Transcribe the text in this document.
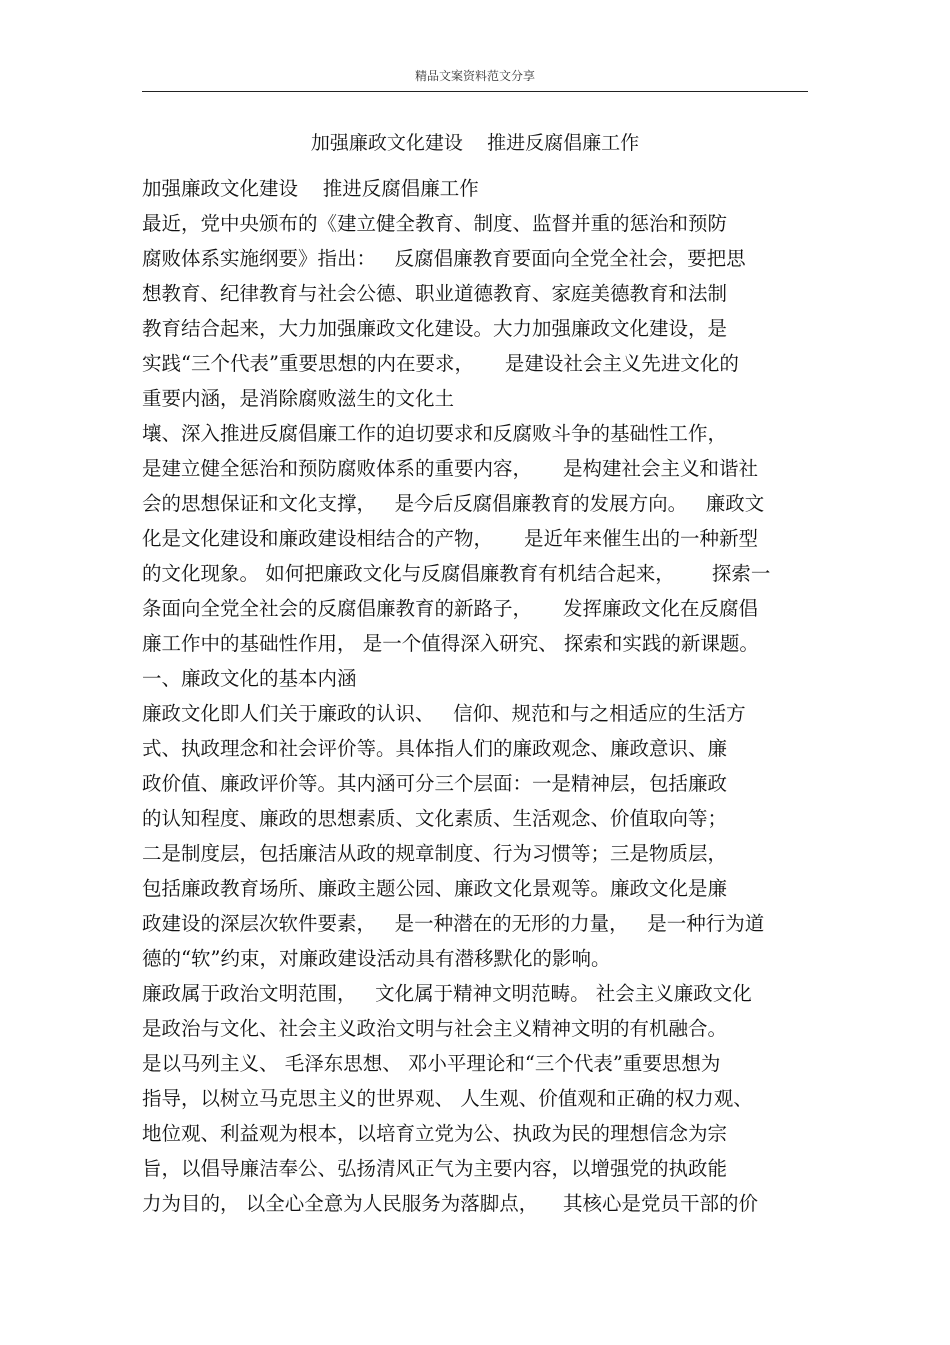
精品文案资料范文分享
加强廉政文化建设    推进反腐倡廉工作
加强廉政文化建设    推进反腐倡廉工作
最近，党中央颁布的《建立健全教育、制度、监督并重的惩治和预防
腐败体系实施纲要》指出：   反腐倡廉教育要面向全党全社会，要把思
想教育、纪律教育与社会公德、职业道德教育、家庭美德教育和法制
教育结合起来，大力加强廉政文化建设。大力加强廉政文化建设，是
实践“三个代表”重要思想的内在要求，     是建设社会主义先进文化的
重要内涵，是消除腐败滋生的文化土
壤、深入推进反腐倡廉工作的迫切要求和反腐败斗争的基础性工作，
是建立健全惩治和预防腐败体系的重要内容，     是构建社会主义和谐社
会的思想保证和文化支撑，   是今后反腐倡廉教育的发展方向。   廉政文
化是文化建设和廉政建设相结合的产物，     是近年来催生出的一种新型
的文化现象。 如何把廉政文化与反腐倡廉教育有机结合起来，      探索一
条面向全党全社会的反腐倡廉教育的新路子，     发挥廉政文化在反腐倡
廉工作中的基础性作用， 是一个值得深入研究、 探索和实践的新课题。
一、廉政文化的基本内涵
廉政文化即人们关于廉政的认识、   信仰、规范和与之相适应的生活方
式、执政理念和社会评价等。具体指人们的廉政观念、廉政意识、廉
政价值、廉政评价等。其内涵可分三个层面：一是精神层，包括廉政
的认知程度、廉政的思想素质、文化素质、生活观念、价值取向等；
二是制度层，包括廉洁从政的规章制度、行为习惯等；三是物质层，
包括廉政教育场所、廉政主题公园、廉政文化景观等。廉政文化是廉
政建设的深层次软件要素，   是一种潜在的无形的力量，   是一种行为道
德的“软”约束，对廉政建设活动具有潜移默化的影响。
廉政属于政治文明范围，   文化属于精神文明范畴。 社会主义廉政文化
是政治与文化、社会主义政治文明与社会主义精神文明的有机融合。
是以马列主义、 毛泽东思想、 邓小平理论和“三个代表”重要思想为
指导，以树立马克思主义的世界观、 人生观、价值观和正确的权力观、
地位观、利益观为根本，以培育立党为公、执政为民的理想信念为宗
旨，以倡导廉洁奉公、弘扬清风正气为主要内容，以增强党的执政能
力为目的， 以全心全意为人民服务为落脚点，    其核心是党员干部的价
